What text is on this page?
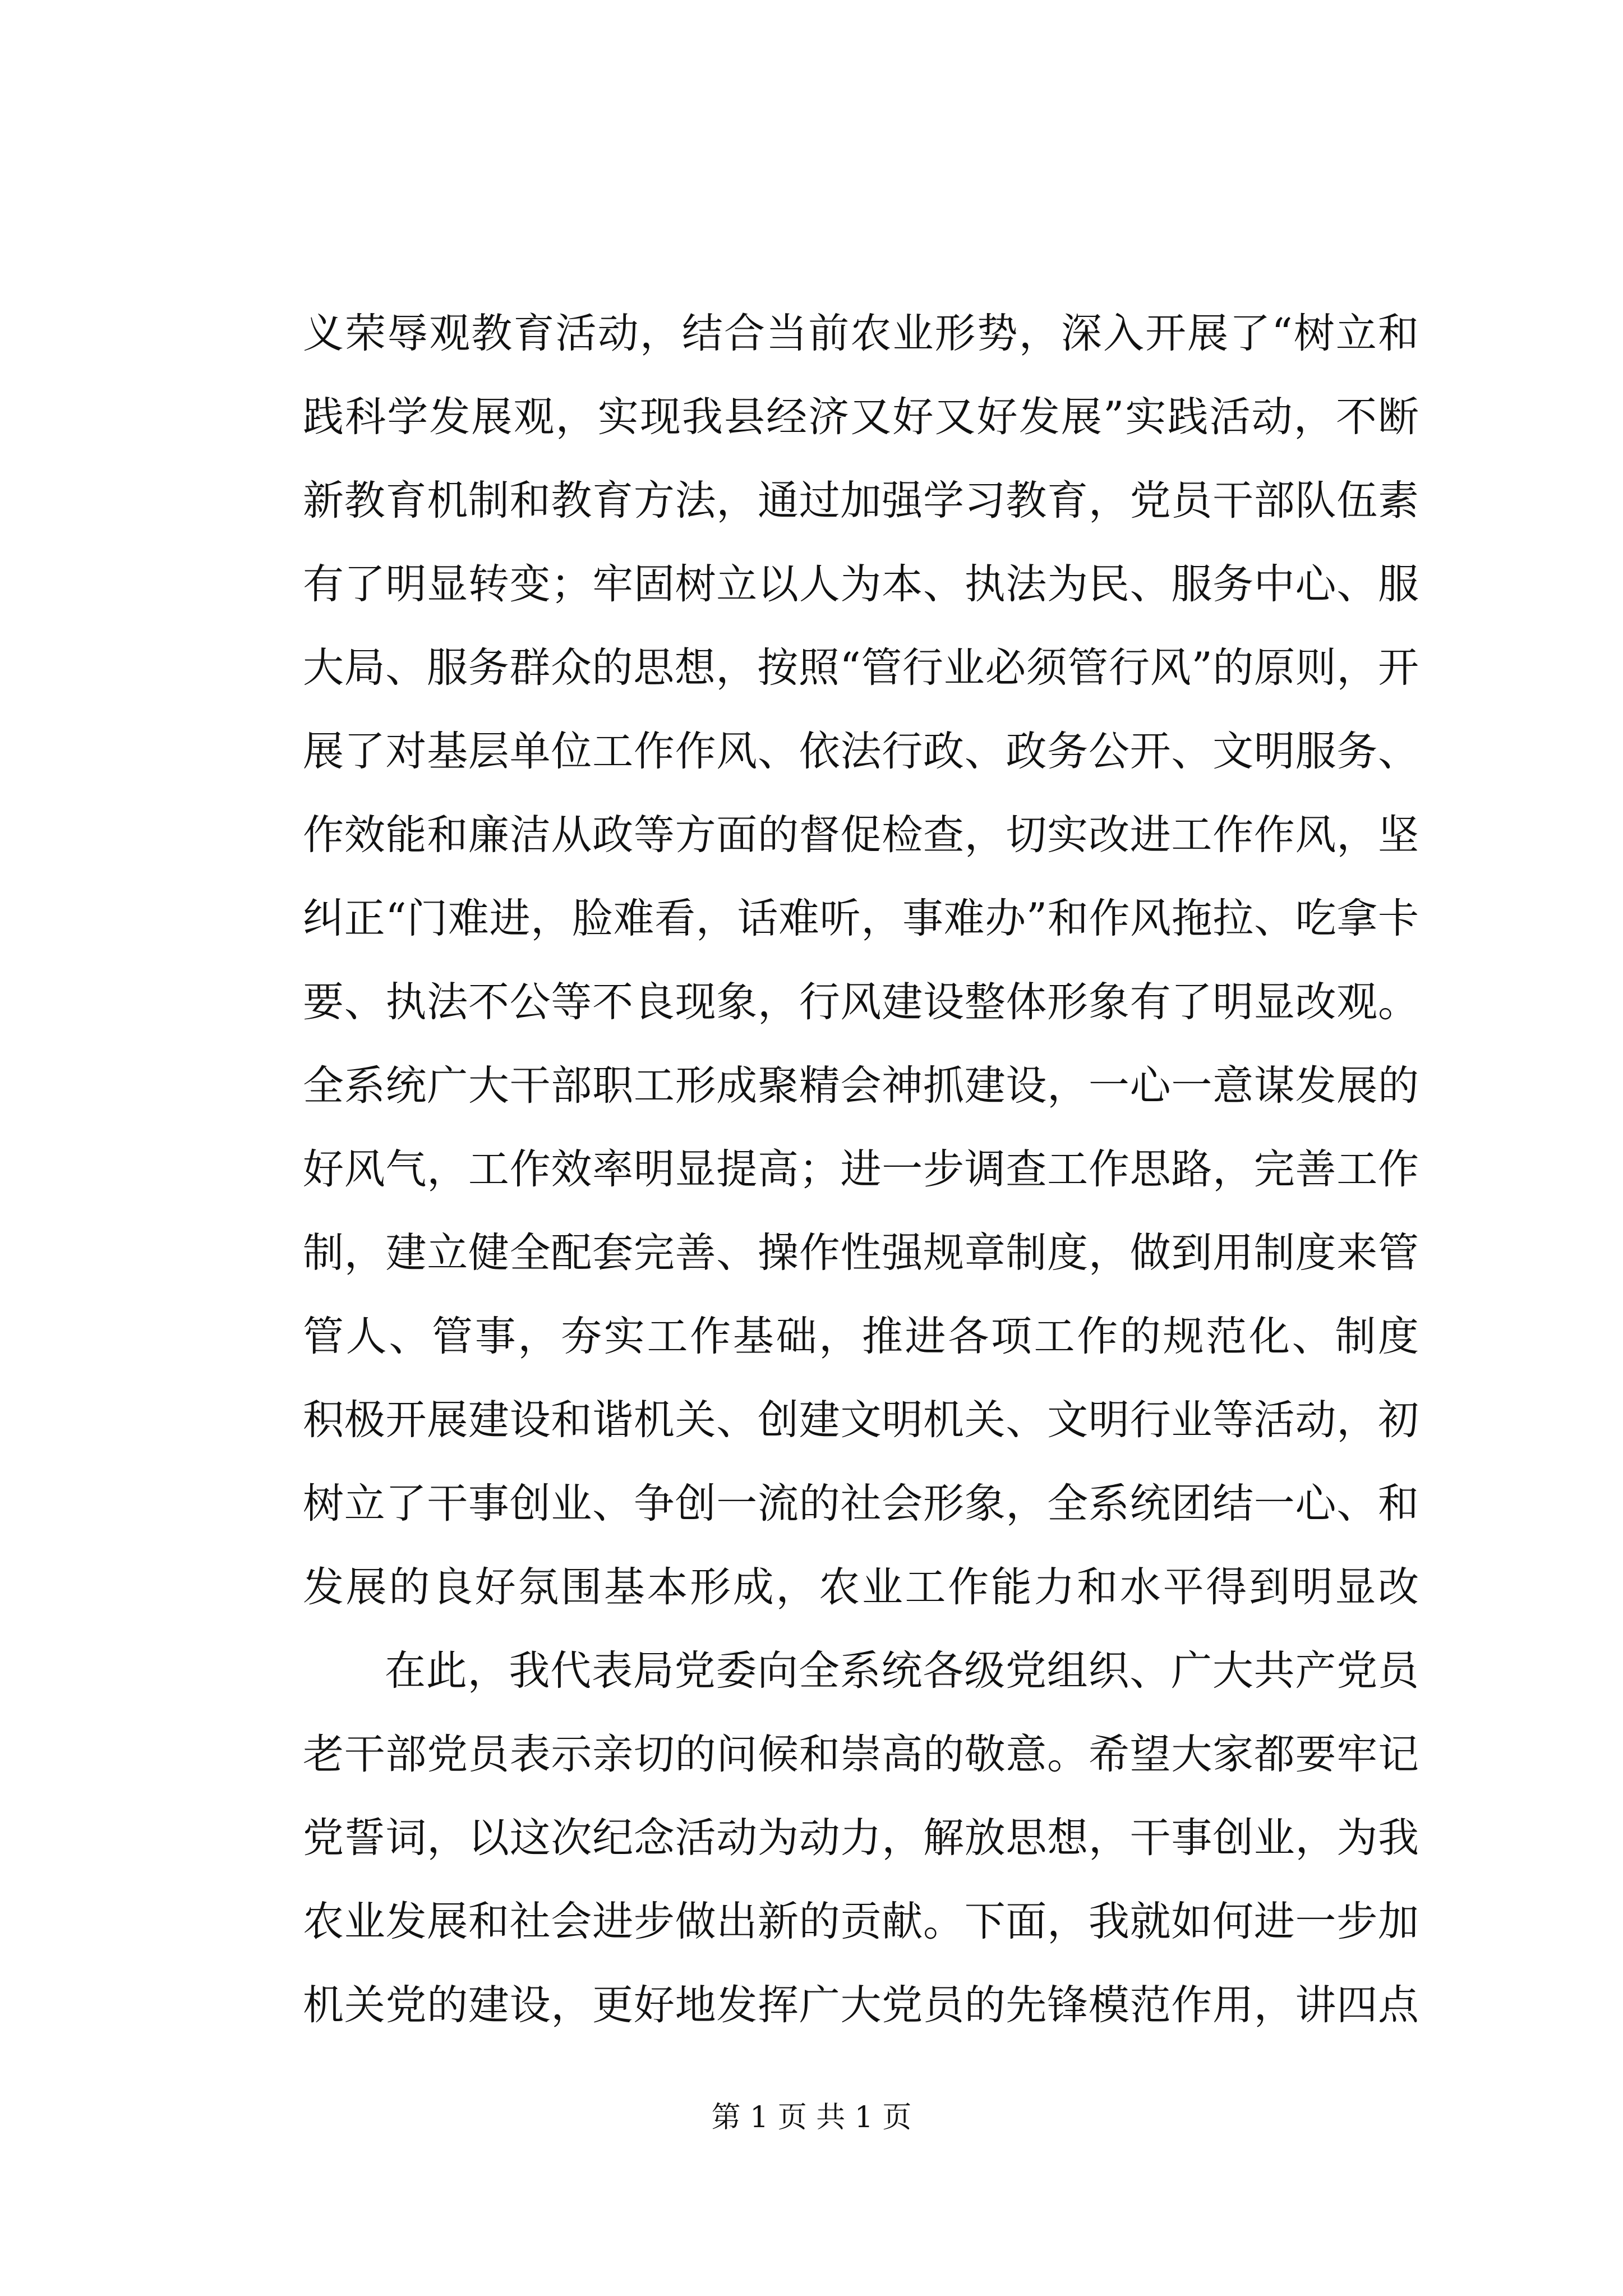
义荣辱观教育活动，结合当前农业形势，深入开展了“树立和
践科学发展观，实现我县经济又好又好发展”实践活动，不断
新教育机制和教育方法，通过加强学习教育，党员干部队伍素
有了明显转变；牢固树立以人为本、执法为民、服务中心、服
大局、服务群众的思想，按照“管行业必须管行风”的原则，开
展了对基层单位工作作风、依法行政、政务公开、文明服务、
作效能和廉洁从政等方面的督促检查，切实改进工作作风，坚
纠正“门难进，脸难看，话难听，事难办”和作风拖拉、吃拿卡
要、执法不公等不良现象，行风建设整体形象有了明显改观。
全系统广大干部职工形成聚精会神抓建设，一心一意谋发展的
好风气，工作效率明显提高；进一步调查工作思路，完善工作
制，建立健全配套完善、操作性强规章制度，做到用制度来管
管人、管事，夯实工作基础，推进各项工作的规范化、制度
积极开展建设和谐机关、创建文明机关、文明行业等活动，初
树立了干事创业、争创一流的社会形象，全系统团结一心、和
发展的良好氛围基本形成，农业工作能力和水平得到明显改
在此，我代表局党委向全系统各级党组织、广大共产党员
老干部党员表示亲切的问候和崇高的敬意。希望大家都要牢记
党誓词，以这次纪念活动为动力，解放思想，干事创业，为我
农业发展和社会进步做出新的贡献。下面，我就如何进一步加
机关党的建设，更好地发挥广大党员的先锋模范作用，讲四点
第 1 页 共 1 页
